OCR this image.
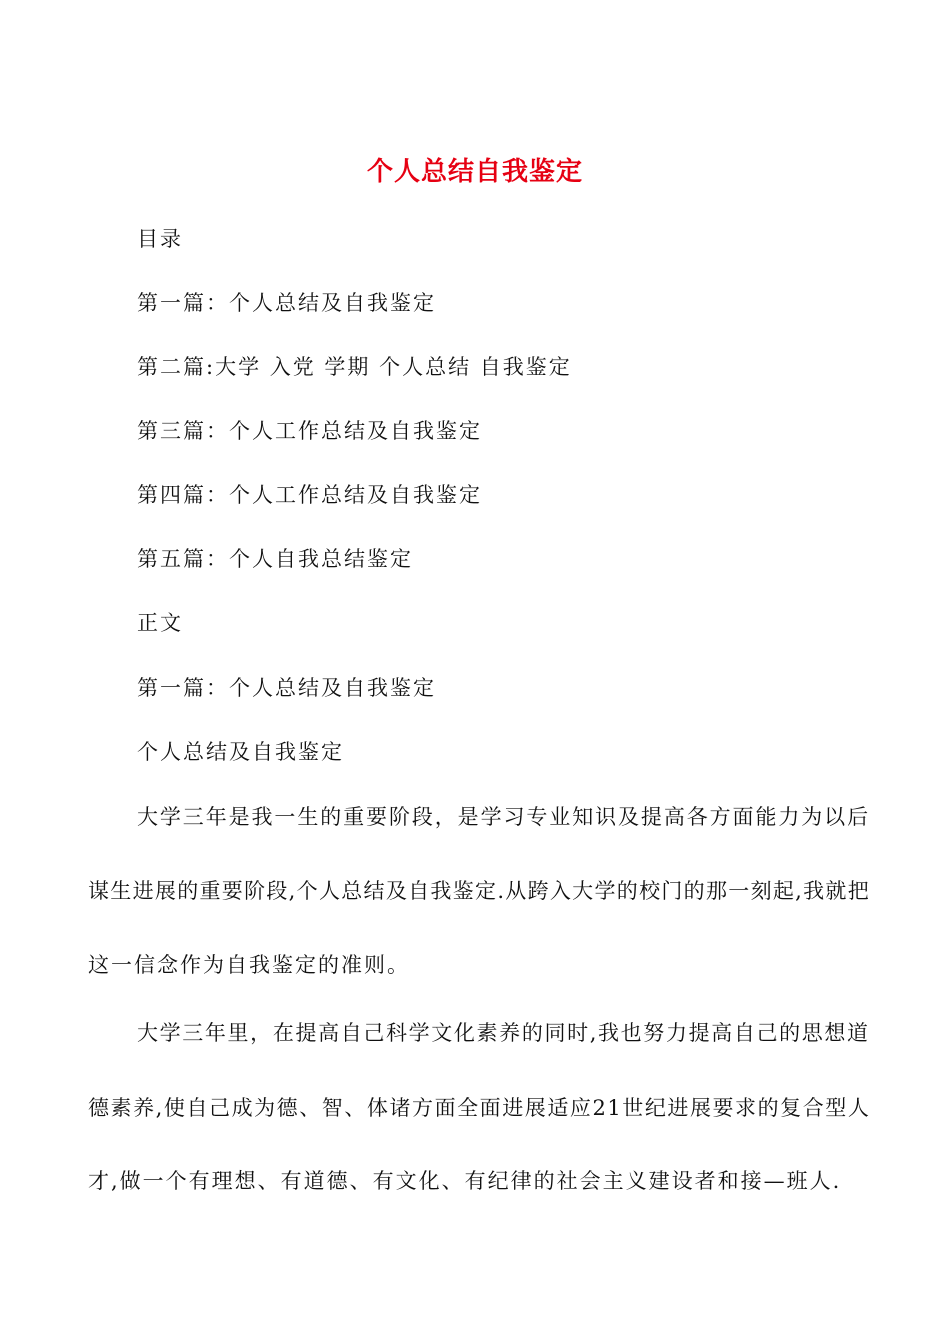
个人总结自我鉴定
目录
第一篇：个人总结及自我鉴定
第二篇:大学 入党 学期 个人总结 自我鉴定
第三篇：个人工作总结及自我鉴定
第四篇：个人工作总结及自我鉴定
第五篇：个人自我总结鉴定
正文
第一篇：个人总结及自我鉴定
个人总结及自我鉴定
大学三年是我一生的重要阶段，是学习专业知识及提高各方面能力为以后
谋生进展的重要阶段,个人总结及自我鉴定.从跨入大学的校门的那一刻起,我就把
这一信念作为自我鉴定的准则。
大学三年里，在提高自己科学文化素养的同时,我也努力提高自己的思想道
德素养,使自己成为德、智、体诸方面全面进展适应21世纪进展要求的复合型人
才,做一个有理想、有道德、有文化、有纪律的社会主义建设者和接—班人.
